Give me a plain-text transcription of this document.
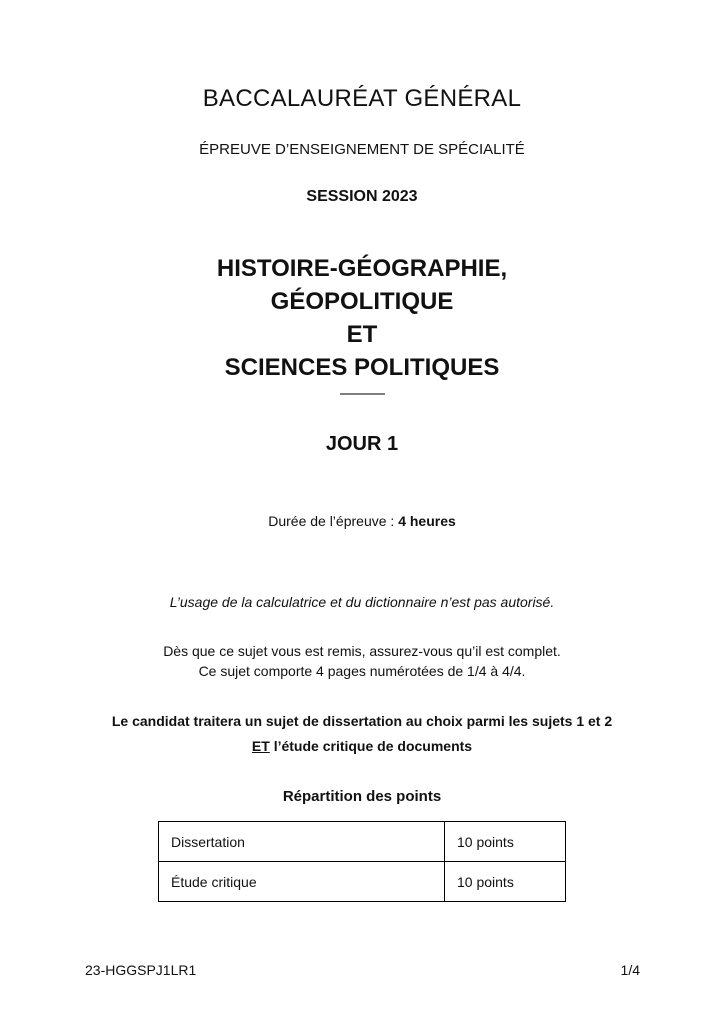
BACCALAURÉAT GÉNÉRAL
ÉPREUVE D’ENSEIGNEMENT DE SPÉCIALITÉ
SESSION 2023
HISTOIRE-GÉOGRAPHIE,
GÉOPOLITIQUE
ET
SCIENCES POLITIQUES
JOUR 1
Durée de l’épreuve : 4 heures
L’usage de la calculatrice et du dictionnaire n’est pas autorisé.
Dès que ce sujet vous est remis, assurez-vous qu’il est complet.
Ce sujet comporte 4 pages numérotées de 1/4 à 4/4.
Le candidat traitera un sujet de dissertation au choix parmi les sujets 1 et 2
ET l’étude critique de documents
Répartition des points
Dissertation	10 points
Étude critique	10 points
23-HGGSPJ1LR1	1/4
